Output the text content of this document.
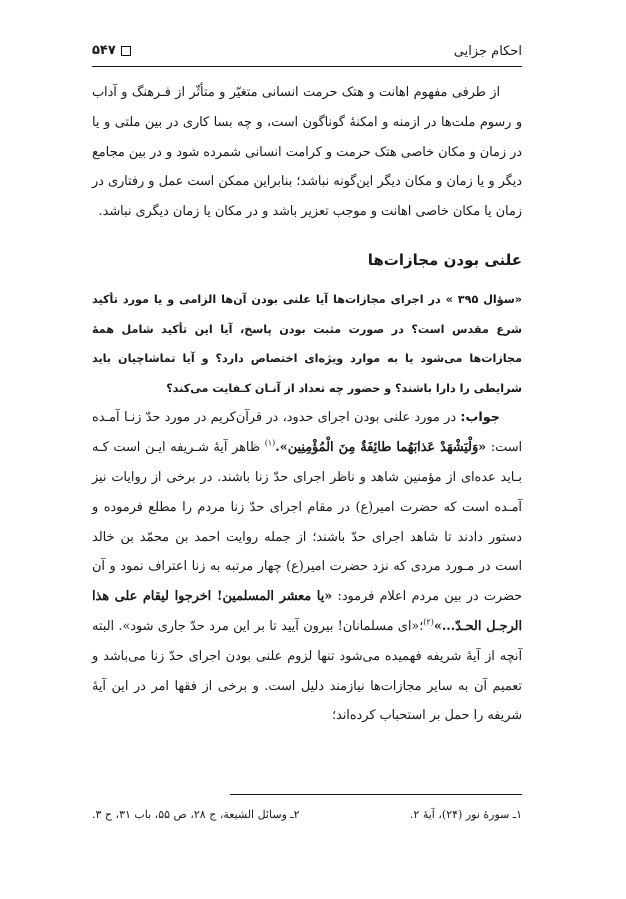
احکام جزایی
۵۴۷

از طرفی مفهوم اهانت و هتک حرمت انسانی متغیّر و متأثّر از فـرهنگ و آداب و رسوم ملت‌ها در ازمنه و امکنۀ گوناگون است، و چه بسا کاری در بین ملتی و یا در زمان و مکان خاصی هتک حرمت و کرامت انسانی شمرده شود و در بین مجامع دیگر و یا زمان و مکان دیگر این‌گونه نباشد؛ بنابراین ممکن است عمل و رفتاری در زمان یا مکان خاصی اهانت و موجب تعزیر باشد و در مکان یا زمان دیگری نباشد.

علنی بودن مجازات‌ها

«سؤال ۳۹۵ » در اجرای مجازات‌ها آیا علنی بودن آن‌ها الزامی و یا مورد تأکید شرع مقدس است؟ در صورت مثبت بودن پاسخ، آیا این تأکید شامل همۀ مجازات‌ها می‌شود یا به موارد ویژه‌ای اختصاص دارد؟ و آیا تماشاچیان باید شرایطی را دارا باشند؟ و حضور چه تعداد از آنـان کـفایت می‌کند؟

جواب: در مورد علنی بودن اجرای حدود، در قرآن‌کریم در مورد حدّ زنـا آمـده است: «وَلْيَشْهَدْ عَذابَهُما طائِفَةٌ مِنَ الْمُؤْمِنِين».$^{(۱)}$ ظاهر آیۀ شـریفه ایـن است کـه بـاید عده‌ای از مؤمنین شاهد و ناظر اجرای حدّ زنا باشند. در برخی از روایات نیز آمـده است که حضرت امیر(ع) در مقام اجرای حدّ زنا مردم را مطلع فرموده و دستور دادند تا شاهد اجرای حدّ باشند؛ از جمله روایت احمد بن محمّد بن خالد است در مـورد مردی که نزد حضرت امیر(ع) چهار مرتبه به زنا اعتراف نمود و آن حضرت در بین مردم اعلام فرمود: «یا معشر المسلمین! اخرجوا لیقام علی هذا الرجـل الحـدّ...»$^{(۲)}$؛«ای مسلمانان! بیرون آیید تا بر این مرد حدّ جاری شود». البته آنچه از آیۀ شریفه فهمیده می‌شود تنها لزوم علنی بودن اجرای حدّ زنا می‌باشد و تعمیم آن به سایر مجازات‌ها نیازمند دلیل است. و برخی از فقها امر در این آیۀ شریفه را حمل بر استحباب کرده‌اند؛

۱ـ سورۀ نور (۲۴)، آیۀ ۲.
۲ـ وسائل الشیعة، ج ۲۸، ص ۵۵، باب ۳۱، ح ۳.
